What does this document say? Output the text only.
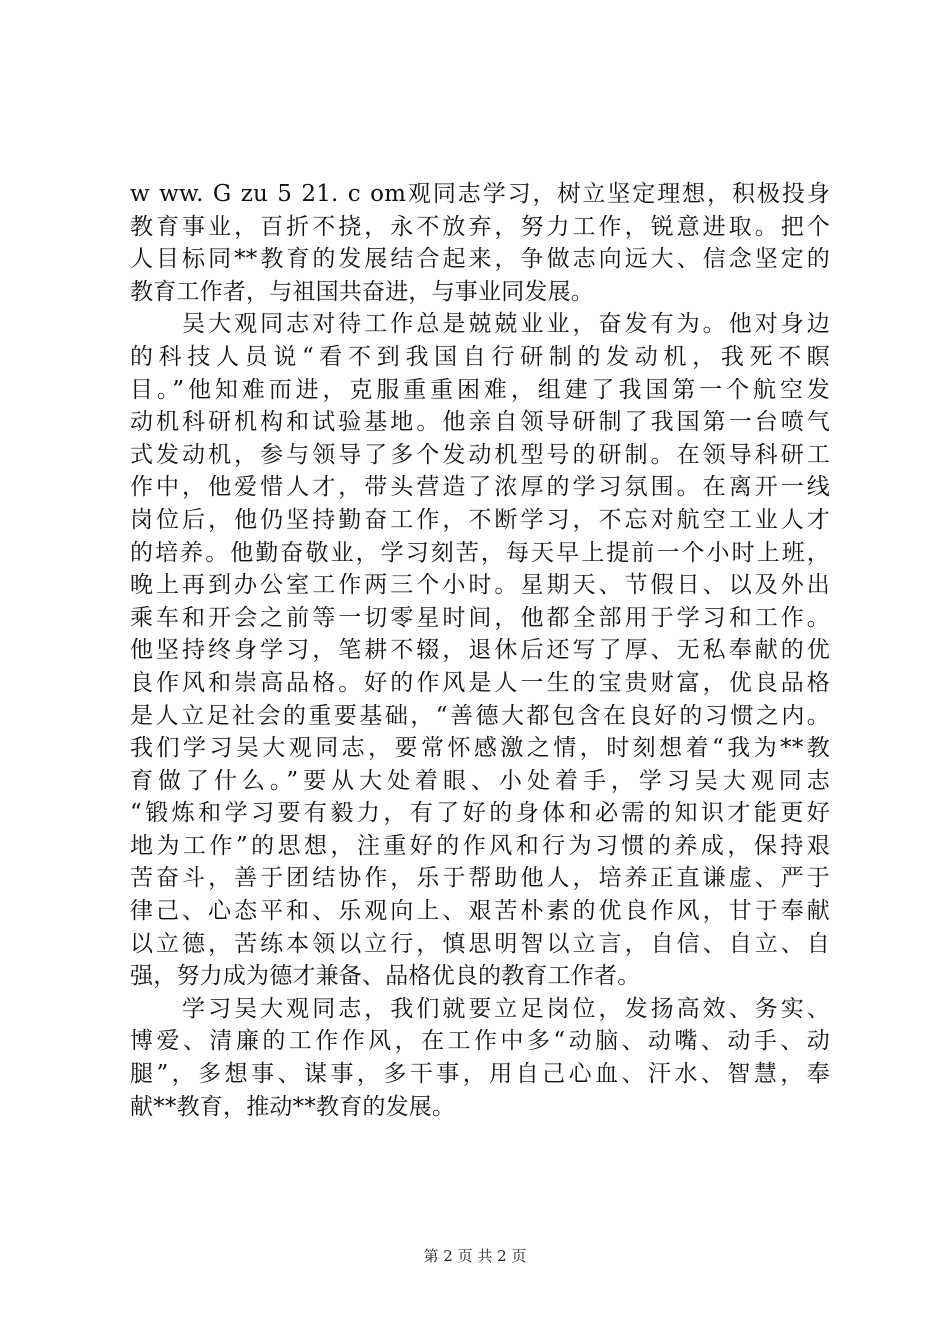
w ww. G zu 5 21. c om观同志学习，树立坚定理想，积极投身
教育事业，百折不挠，永不放弃，努力工作，锐意进取。把个
人目标同**教育的发展结合起来，争做志向远大、信念坚定的
教育工作者，与祖国共奋进，与事业同发展。
　　吴大观同志对待工作总是兢兢业业，奋发有为。他对身边
的科技人员说“看不到我国自行研制的发动机，我死不瞑
目。”他知难而进，克服重重困难，组建了我国第一个航空发
动机科研机构和试验基地。他亲自领导研制了我国第一台喷气
式发动机，参与领导了多个发动机型号的研制。在领导科研工
作中，他爱惜人才，带头营造了浓厚的学习氛围。在离开一线
岗位后，他仍坚持勤奋工作，不断学习，不忘对航空工业人才
的培养。他勤奋敬业，学习刻苦，每天早上提前一个小时上班，
晚上再到办公室工作两三个小时。星期天、节假日、以及外出
乘车和开会之前等一切零星时间，他都全部用于学习和工作。
他坚持终身学习，笔耕不辍，退休后还写了厚、无私奉献的优
良作风和崇高品格。好的作风是人一生的宝贵财富，优良品格
是人立足社会的重要基础，“善德大都包含在良好的习惯之内。
我们学习吴大观同志，要常怀感激之情，时刻想着“我为**教
育做了什么。”要从大处着眼、小处着手，学习吴大观同志
“锻炼和学习要有毅力，有了好的身体和必需的知识才能更好
地为工作”的思想，注重好的作风和行为习惯的养成，保持艰
苦奋斗，善于团结协作，乐于帮助他人，培养正直谦虚、严于
律己、心态平和、乐观向上、艰苦朴素的优良作风，甘于奉献
以立德，苦练本领以立行，慎思明智以立言，自信、自立、自
强，努力成为德才兼备、品格优良的教育工作者。
　　学习吴大观同志，我们就要立足岗位，发扬高效、务实、
博爱、清廉的工作作风，在工作中多“动脑、动嘴、动手、动
腿”，多想事、谋事，多干事，用自己心血、汗水、智慧，奉
献**教育，推动**教育的发展。
第 2 页 共 2 页
